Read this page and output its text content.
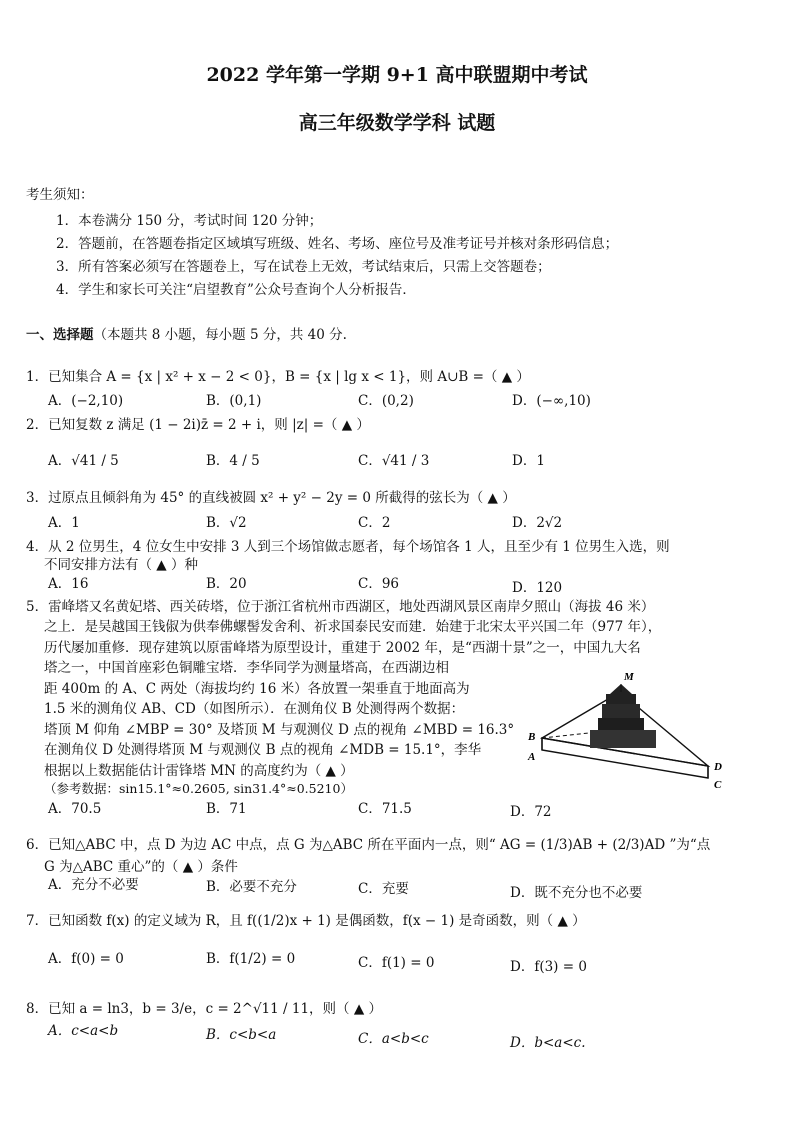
2022 学年第一学期 9+1 高中联盟期中考试
高三年级数学学科 试题
考生须知：
1．本卷满分 150 分，考试时间 120 分钟；
2．答题前，在答题卷指定区域填写班级、姓名、考场、座位号及准考证号并核对条形码信息；
3．所有答案必须写在答题卷上，写在试卷上无效，考试结束后，只需上交答题卷；
4．学生和家长可关注“启望教育”公众号查询个人分析报告．
一、选择题（本题共 8 小题，每小题 5 分，共 40 分.
1．已知集合 A = {x | x² + x − 2 < 0}，B = {x | lg x < 1}，则 A∪B =（ ▲ ）
A．(−2,10)	B．(0,1)	C．(0,2)	D．(−∞,10)
2．已知复数 z 满足 (1 − 2i)z̄ = 2 + i，则 |z| =（ ▲ ）
A．√41 / 5	B．4 / 5	C．√41 / 3	D．1
3．过原点且倾斜角为 45° 的直线被圆 x² + y² − 2y = 0 所截得的弦长为（ ▲ ）
A．1	B．√2	C．2	D．2√2
4．从 2 位男生，4 位女生中安排 3 人到三个场馆做志愿者，每个场馆各 1 人，且至少有 1 位男生入选，则
不同安排方法有（ ▲ ）种
A．16	B．20	C．96	D．120
5．雷峰塔又名黄妃塔、西关砖塔，位于浙江省杭州市西湖区，地处西湖风景区南岸夕照山（海拔 46 米）
之上．是吴越国王钱俶为供奉佛螺髻发舍利、祈求国泰民安而建．始建于北宋太平兴国二年（977 年），
历代屡加重修．现存建筑以原雷峰塔为原型设计，重建于 2002 年，是“西湖十景”之一，中国九大名
塔之一，中国首座彩色铜雕宝塔．李华同学为测量塔高，在西湖边相
距 400m 的 A、C 两处（海拔均约 16 米）各放置一架垂直于地面高为
1.5 米的测角仪 AB、CD（如图所示）．在测角仪 B 处测得两个数据：
塔顶 M 仰角 ∠MBP = 30° 及塔顶 M 与观测仪 D 点的视角 ∠MBD = 16.3°
在测角仪 D 处测得塔顶 M 与观测仪 B 点的视角 ∠MDB = 15.1°，李华
根据以上数据能估计雷锋塔 MN 的高度约为（ ▲ ）
（参考数据：sin15.1°≈0.2605, sin31.4°≈0.5210）
A．70.5	B．71	C．71.5	D．72
M
B
A
D
C
6．已知△ABC 中，点 D 为边 AC 中点，点 G 为△ABC 所在平面内一点，则“ AG = (1/3)AB + (2/3)AD ”为“点
G 为△ABC 重心”的（ ▲ ）条件
A．充分不必要	B．必要不充分	C．充要	D．既不充分也不必要
7．已知函数 f(x) 的定义域为 R，且 f((1/2)x + 1) 是偶函数，f(x − 1) 是奇函数，则（ ▲ ）
A．f(0) = 0	B．f(1/2) = 0	C．f(1) = 0	D．f(3) = 0
8．已知 a = ln3，b = 3/e，c = 2^√11 / 11，则（ ▲ ）
A．c<a<b	B．c<b<a	C．a<b<c	D．b<a<c.
